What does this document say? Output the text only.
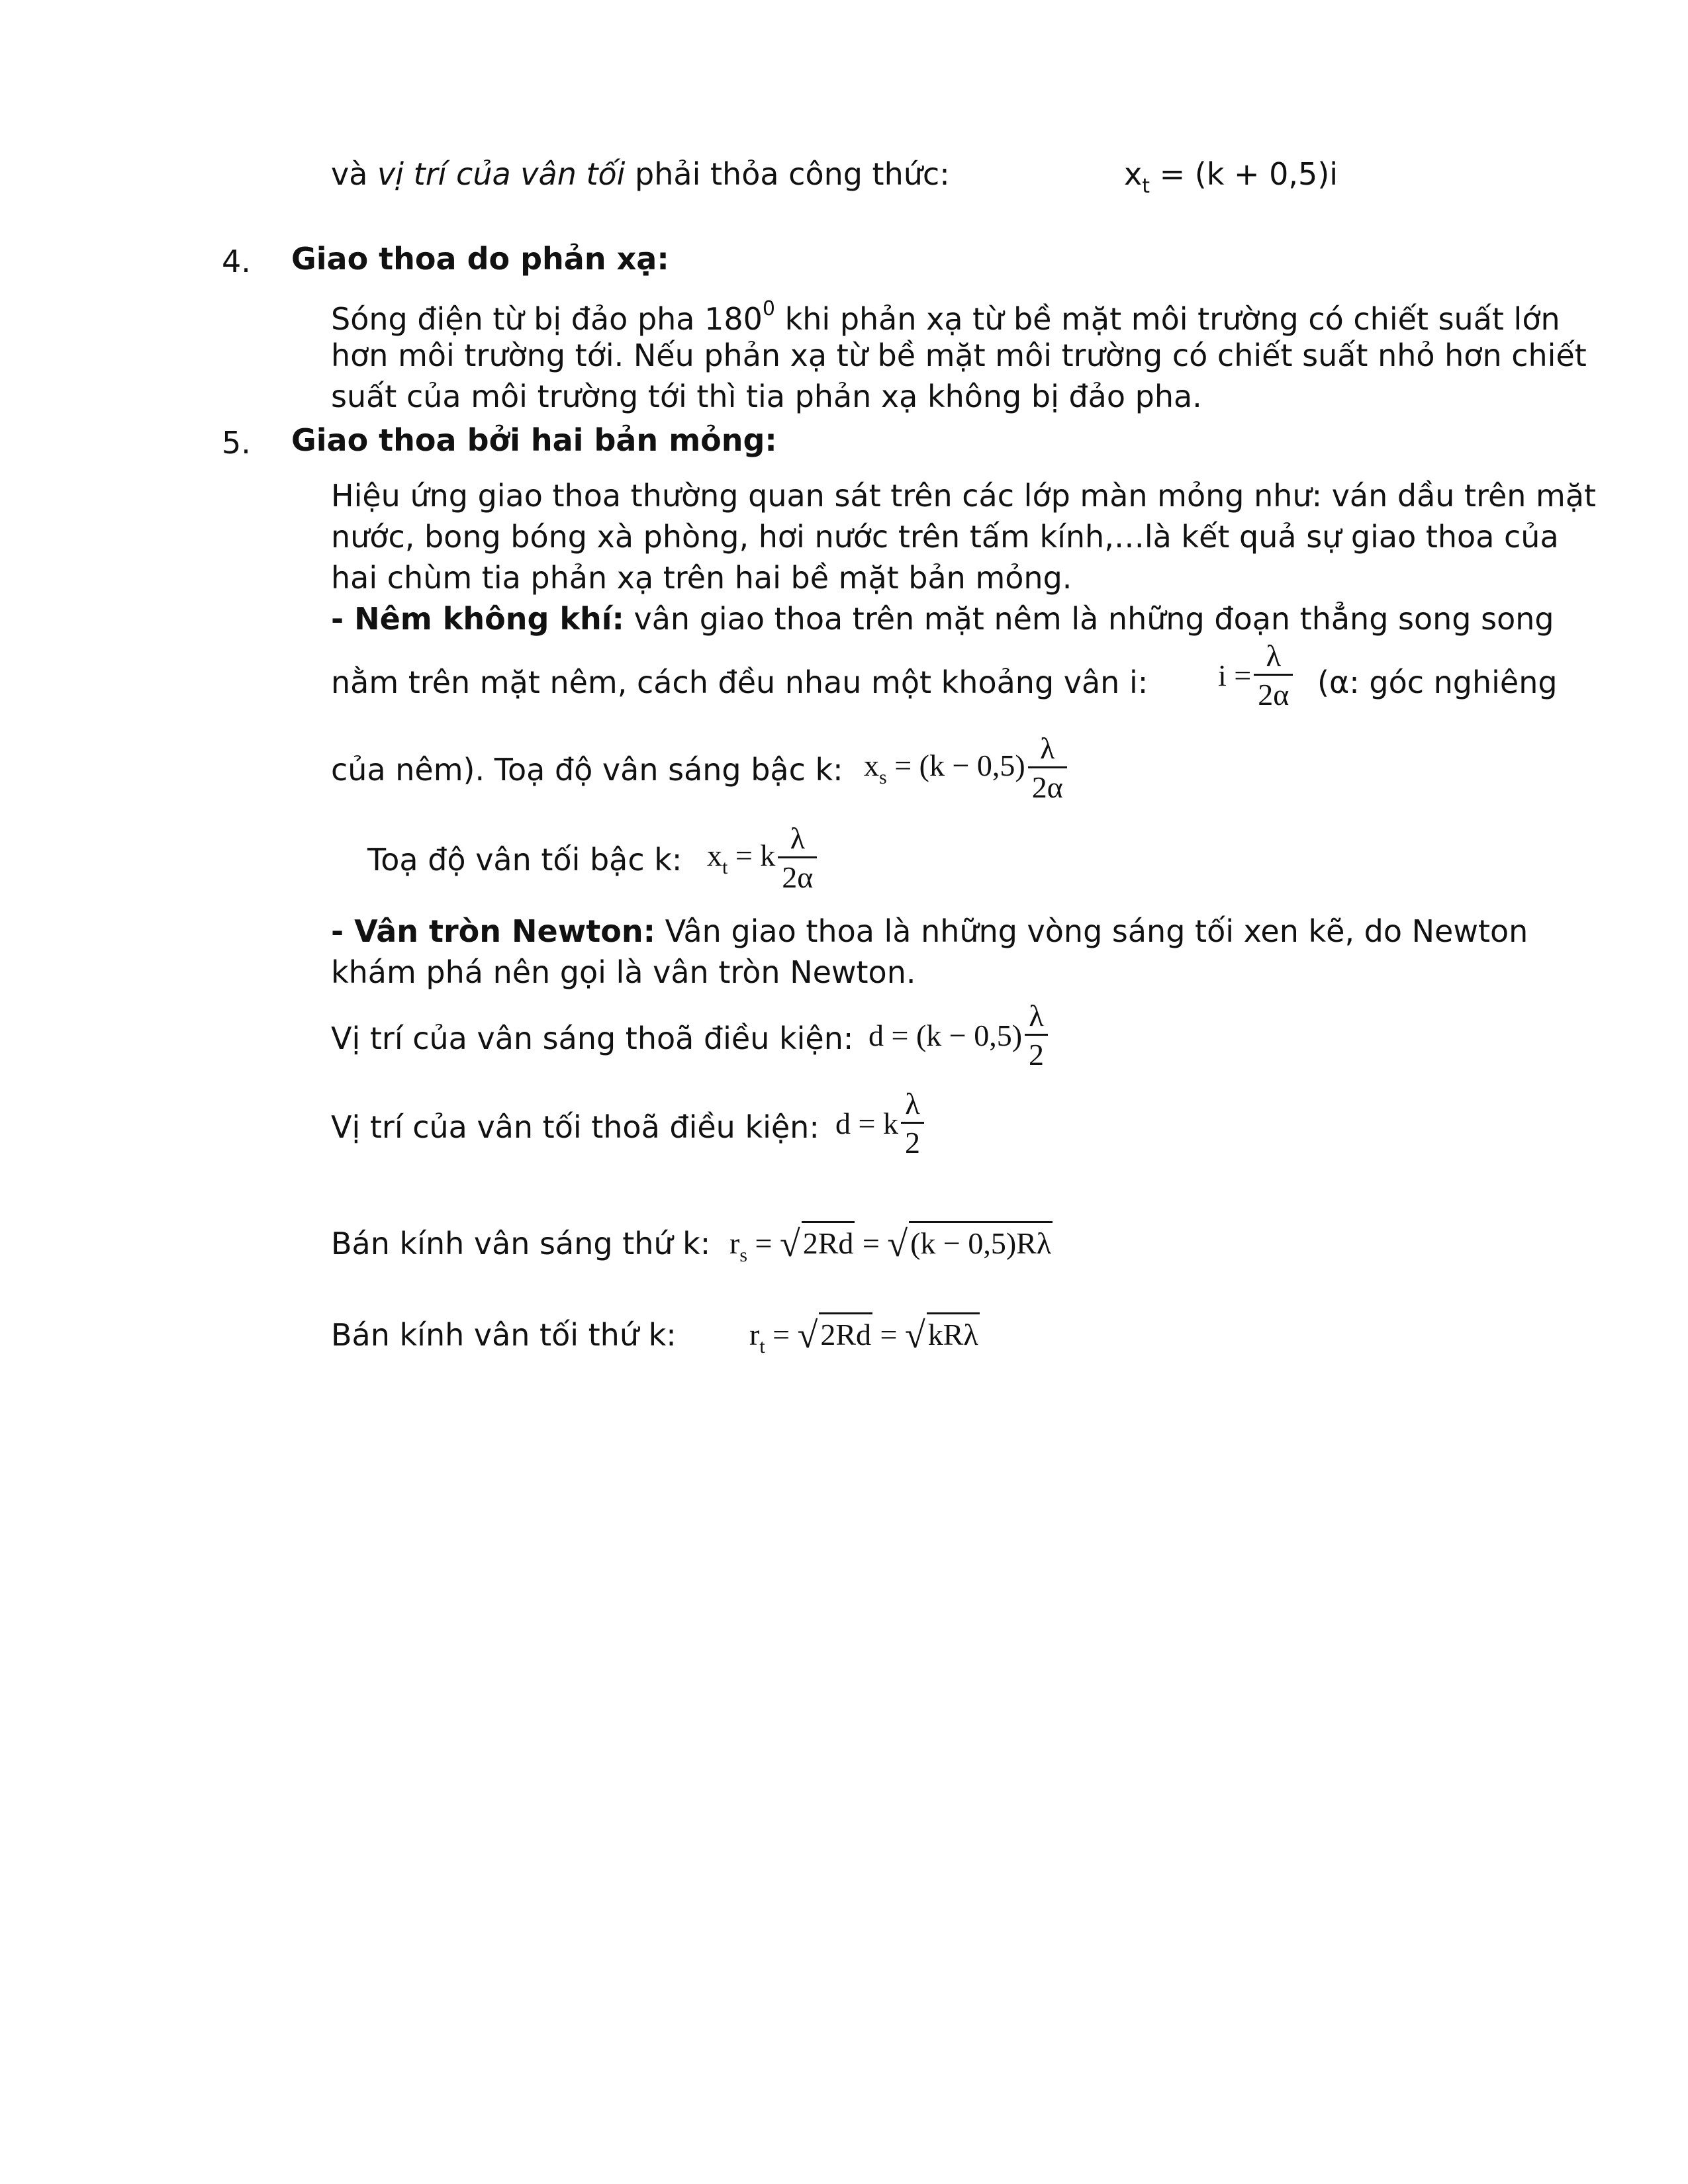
và vị trí của vân tối phải thỏa công thức:	$x_t = (k + 0,5)i$
4. Giao thoa do phản xạ:
Sóng điện từ bị đảo pha $180^0$ khi phản xạ từ bề mặt môi trường có chiết suất lớn
hơn môi trường tới. Nếu phản xạ từ bề mặt môi trường có chiết suất nhỏ hơn chiết
suất của môi trường tới thì tia phản xạ không bị đảo pha.
5. Giao thoa bởi hai bản mỏng:
Hiệu ứng giao thoa thường quan sát trên các lớp màn mỏng như: ván dầu trên mặt
nước, bong bóng xà phòng, hơi nước trên tấm kính,…là kết quả sự giao thoa của
hai chùm tia phản xạ trên hai bề mặt bản mỏng.
- Nêm không khí: vân giao thoa trên mặt nêm là những đoạn thẳng song song
nằm trên mặt nêm, cách đều nhau một khoảng vân i: $i = \frac{\lambda}{2\alpha} (\alpha$: góc nghiêng
của nêm). Toạ độ vân sáng bậc k: $x_s = (k - 0,5) \frac{\lambda}{2\alpha}$
Toạ độ vân tối bậc k: $x_t = k \frac{\lambda}{2\alpha}$
- Vân tròn Newton: Vân giao thoa là những vòng sáng tối xen kẽ, do Newton
khám phá nên gọi là vân tròn Newton.
Vị trí của vân sáng thoã điều kiện: $d = (k - 0,5) \frac{\lambda}{2}$
Vị trí của vân tối thoã điều kiện: d = k $\frac{\lambda}{2}$
Bán kính vân sáng thứ k: $r_s = √2Rd = √(k - 0,5)R\lambda$
Bán kính vân tối thứ k: $r_t = √2Rd = √kR\lambda$
